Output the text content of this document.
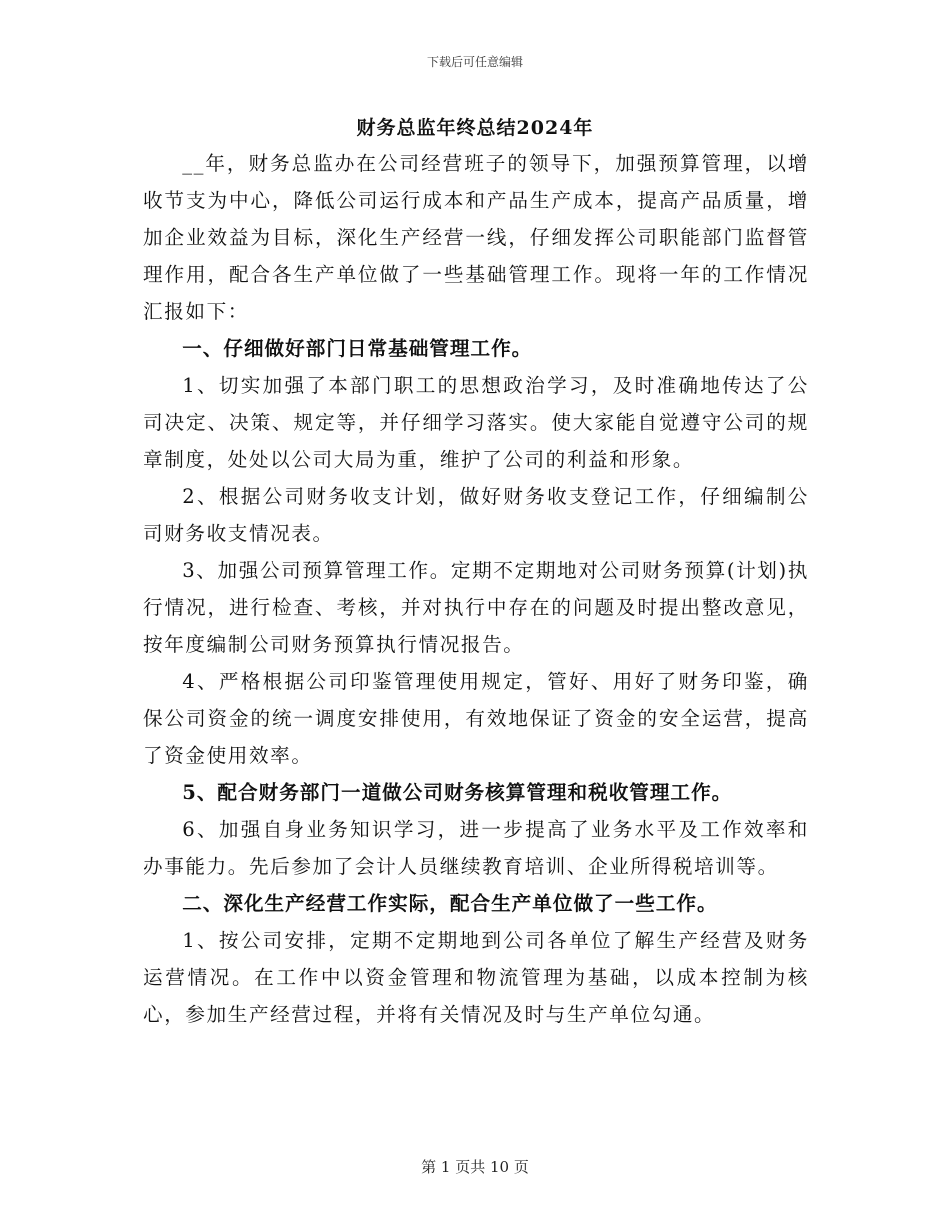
下载后可任意编辑
财务总监年终总结2024年

__年，财务总监办在公司经营班子的领导下，加强预算管理，以增收节支为中心，降低公司运行成本和产品生产成本，提高产品质量，增加企业效益为目标，深化生产经营一线，仔细发挥公司职能部门监督管理作用，配合各生产单位做了一些基础管理工作。现将一年的工作情况汇报如下：

一、仔细做好部门日常基础管理工作。

1、切实加强了本部门职工的思想政治学习，及时准确地传达了公司决定、决策、规定等，并仔细学习落实。使大家能自觉遵守公司的规章制度，处处以公司大局为重，维护了公司的利益和形象。

2、根据公司财务收支计划，做好财务收支登记工作，仔细编制公司财务收支情况表。

3、加强公司预算管理工作。定期不定期地对公司财务预算(计划)执行情况，进行检查、考核，并对执行中存在的问题及时提出整改意见，按年度编制公司财务预算执行情况报告。

4、严格根据公司印鉴管理使用规定，管好、用好了财务印鉴，确保公司资金的统一调度安排使用，有效地保证了资金的安全运营，提高了资金使用效率。

5、配合财务部门一道做公司财务核算管理和税收管理工作。

6、加强自身业务知识学习，进一步提高了业务水平及工作效率和办事能力。先后参加了会计人员继续教育培训、企业所得税培训等。

二、深化生产经营工作实际，配合生产单位做了一些工作。

1、按公司安排，定期不定期地到公司各单位了解生产经营及财务运营情况。在工作中以资金管理和物流管理为基础，以成本控制为核心，参加生产经营过程，并将有关情况及时与生产单位勾通。

第 1 页共 10 页
